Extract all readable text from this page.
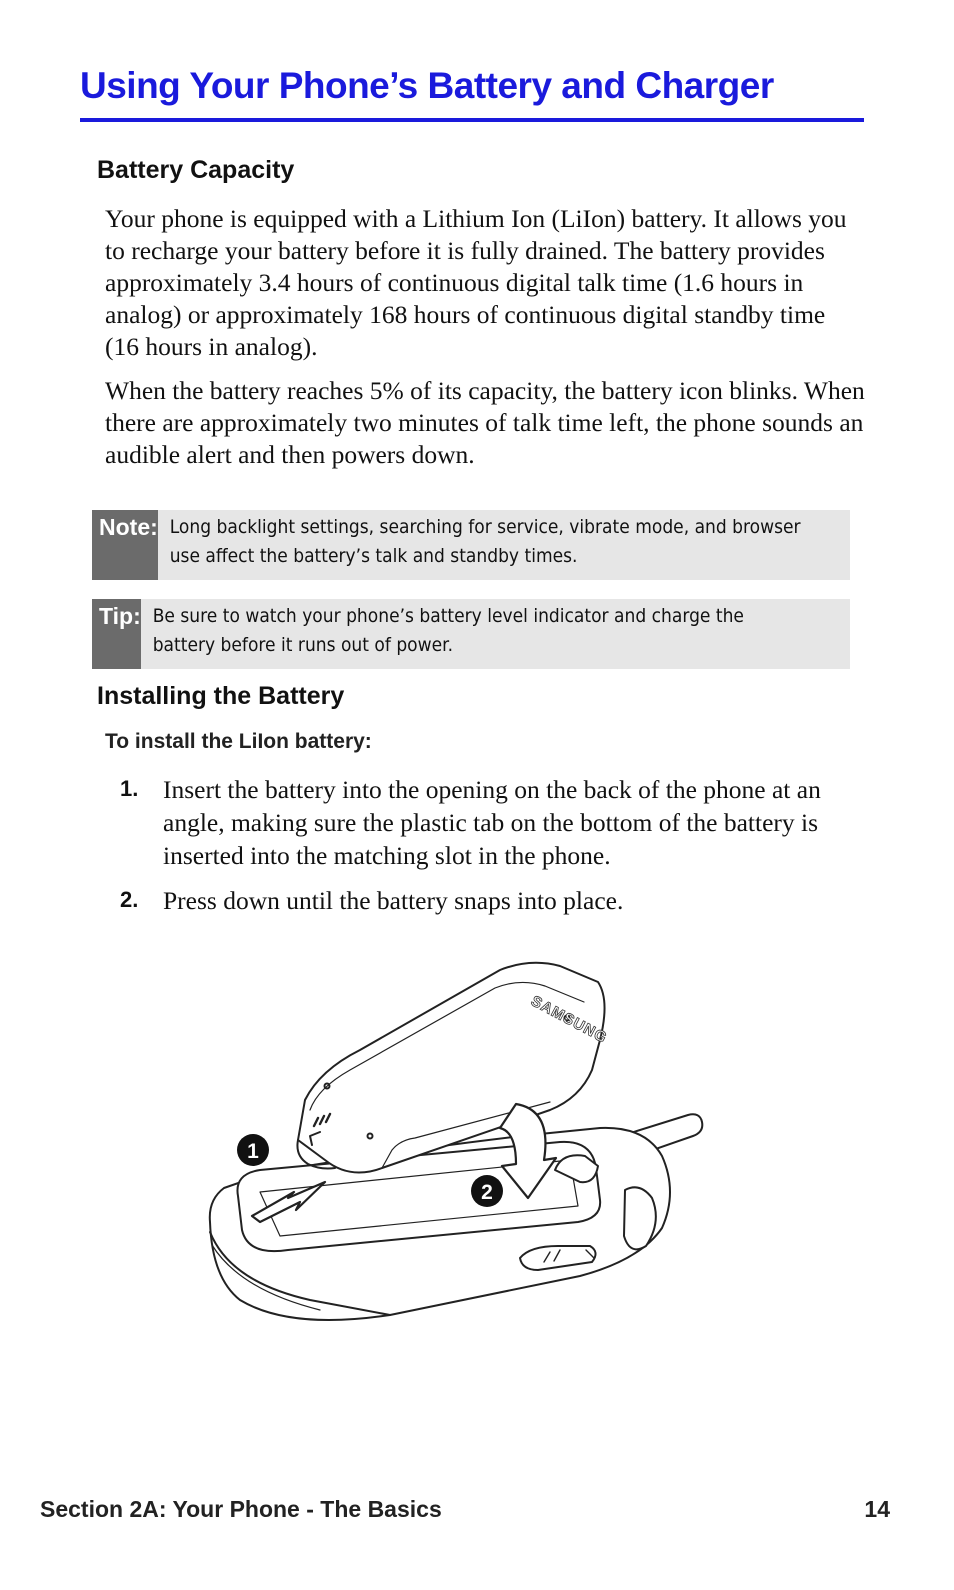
Using Your Phone’s Battery and Charger
Battery Capacity

Your phone is equipped with a Lithium Ion (LiIon) battery. It allows you to recharge your battery before it is fully drained. The battery provides approximately 3.4 hours of continuous digital talk time (1.6 hours in analog) or approximately 168 hours of continuous digital standby time (16 hours in analog).

When the battery reaches 5% of its capacity, the battery icon blinks. When there are approximately two minutes of talk time left, the phone sounds an audible alert and then powers down.

Note: Long backlight settings, searching for service, vibrate mode, and browser use affect the battery’s talk and standby times.
Tip: Be sure to watch your phone’s battery level indicator and charge the battery before it runs out of power.
Installing the Battery

To install the LiIon battery:

1. Insert the battery into the opening on the back of the phone at an angle, making sure the plastic tab on the bottom of the battery is inserted into the matching slot in the phone.
2. Press down until the battery snaps into place.
SAMSUNG
1
2
Section 2A: Your Phone - The Basics	14
